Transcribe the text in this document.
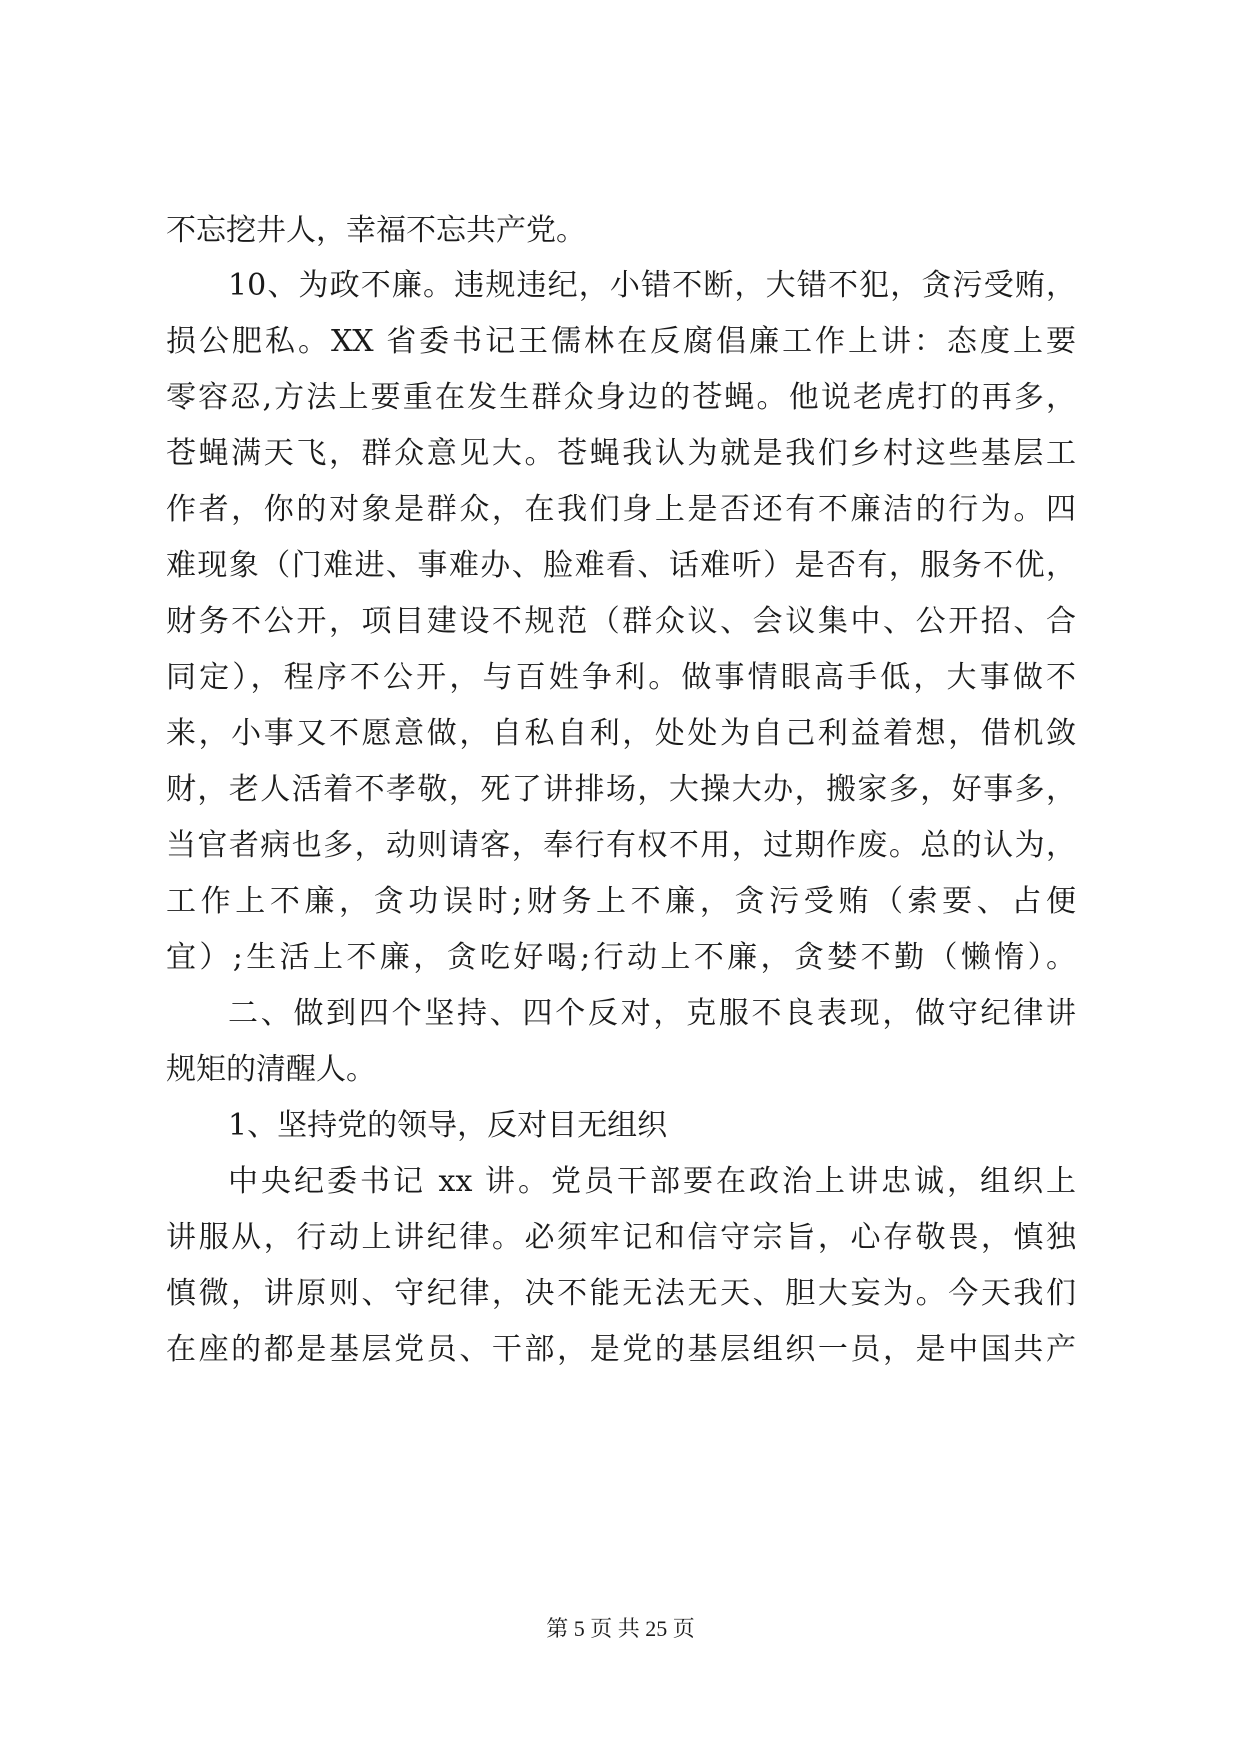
不忘挖井人，幸福不忘共产党。
10、为政不廉。违规违纪，小错不断，大错不犯，贪污受贿，
损公肥私。XX 省委书记王儒林在反腐倡廉工作上讲：态度上要
零容忍,方法上要重在发生群众身边的苍蝇。他说老虎打的再多，
苍蝇满天飞，群众意见大。苍蝇我认为就是我们乡村这些基层工
作者，你的对象是群众，在我们身上是否还有不廉洁的行为。四
难现象（门难进、事难办、脸难看、话难听）是否有，服务不优，
财务不公开，项目建设不规范（群众议、会议集中、公开招、合
同定），程序不公开，与百姓争利。做事情眼高手低，大事做不
来，小事又不愿意做，自私自利，处处为自己利益着想，借机敛
财，老人活着不孝敬，死了讲排场，大操大办，搬家多，好事多，
当官者病也多，动则请客，奉行有权不用，过期作废。总的认为，
工作上不廉，贪功误时;财务上不廉，贪污受贿（索要、占便
宜）;生活上不廉，贪吃好喝;行动上不廉，贪婪不勤（懒惰）。
二、做到四个坚持、四个反对，克服不良表现，做守纪律讲
规矩的清醒人。
1、坚持党的领导，反对目无组织
中央纪委书记 xx 讲。党员干部要在政治上讲忠诚，组织上
讲服从，行动上讲纪律。必须牢记和信守宗旨，心存敬畏，慎独
慎微，讲原则、守纪律，决不能无法无天、胆大妄为。今天我们
在座的都是基层党员、干部，是党的基层组织一员，是中国共产
第 5 页 共 25 页
